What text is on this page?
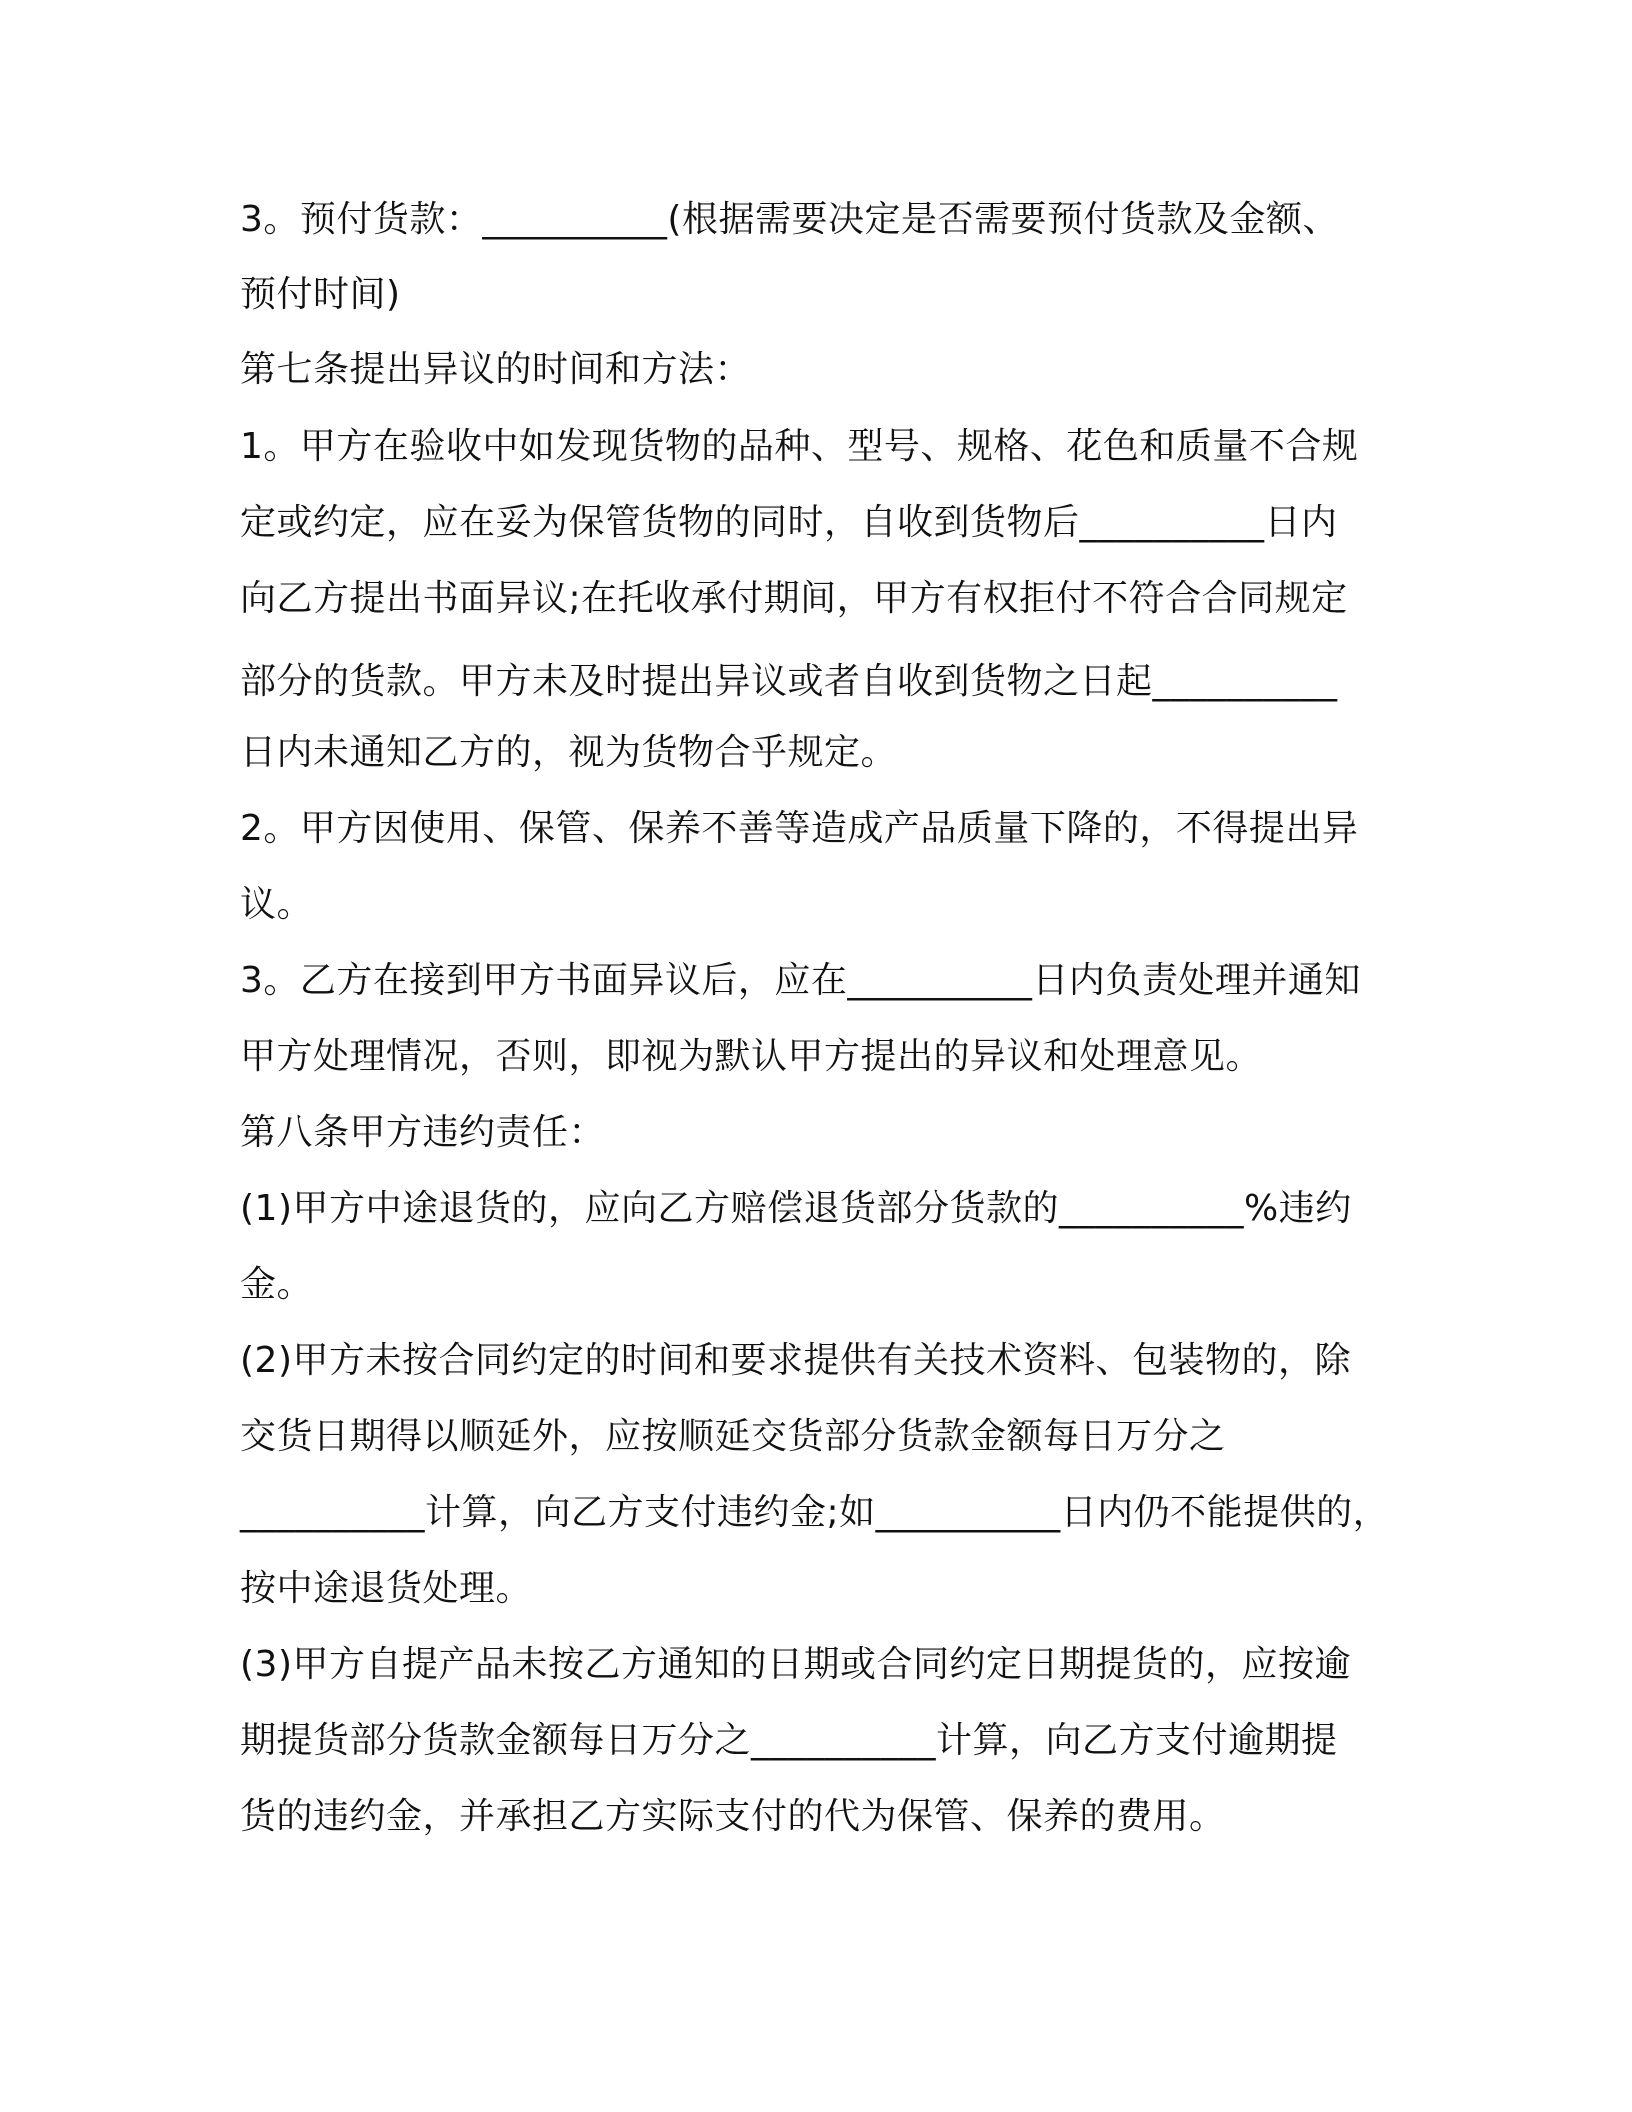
3。预付货款：__________(根据需要决定是否需要预付货款及金额、

预付时间)

第七条提出异议的时间和方法：

1。甲方在验收中如发现货物的品种、型号、规格、花色和质量不合规

定或约定，应在妥为保管货物的同时，自收到货物后__________日内

向乙方提出书面异议;在托收承付期间，甲方有权拒付不符合合同规定

部分的货款。甲方未及时提出异议或者自收到货物之日起__________

日内未通知乙方的，视为货物合乎规定。

2。甲方因使用、保管、保养不善等造成产品质量下降的，不得提出异

议。

3。乙方在接到甲方书面异议后，应在__________日内负责处理并通知

甲方处理情况，否则，即视为默认甲方提出的异议和处理意见。

第八条甲方违约责任：

(1)甲方中途退货的，应向乙方赔偿退货部分货款的__________%违约

金。

(2)甲方未按合同约定的时间和要求提供有关技术资料、包装物的，除

交货日期得以顺延外，应按顺延交货部分货款金额每日万分之

__________计算，向乙方支付违约金;如__________日内仍不能提供的，

按中途退货处理。

(3)甲方自提产品未按乙方通知的日期或合同约定日期提货的，应按逾

期提货部分货款金额每日万分之__________计算，向乙方支付逾期提

货的违约金，并承担乙方实际支付的代为保管、保养的费用。
